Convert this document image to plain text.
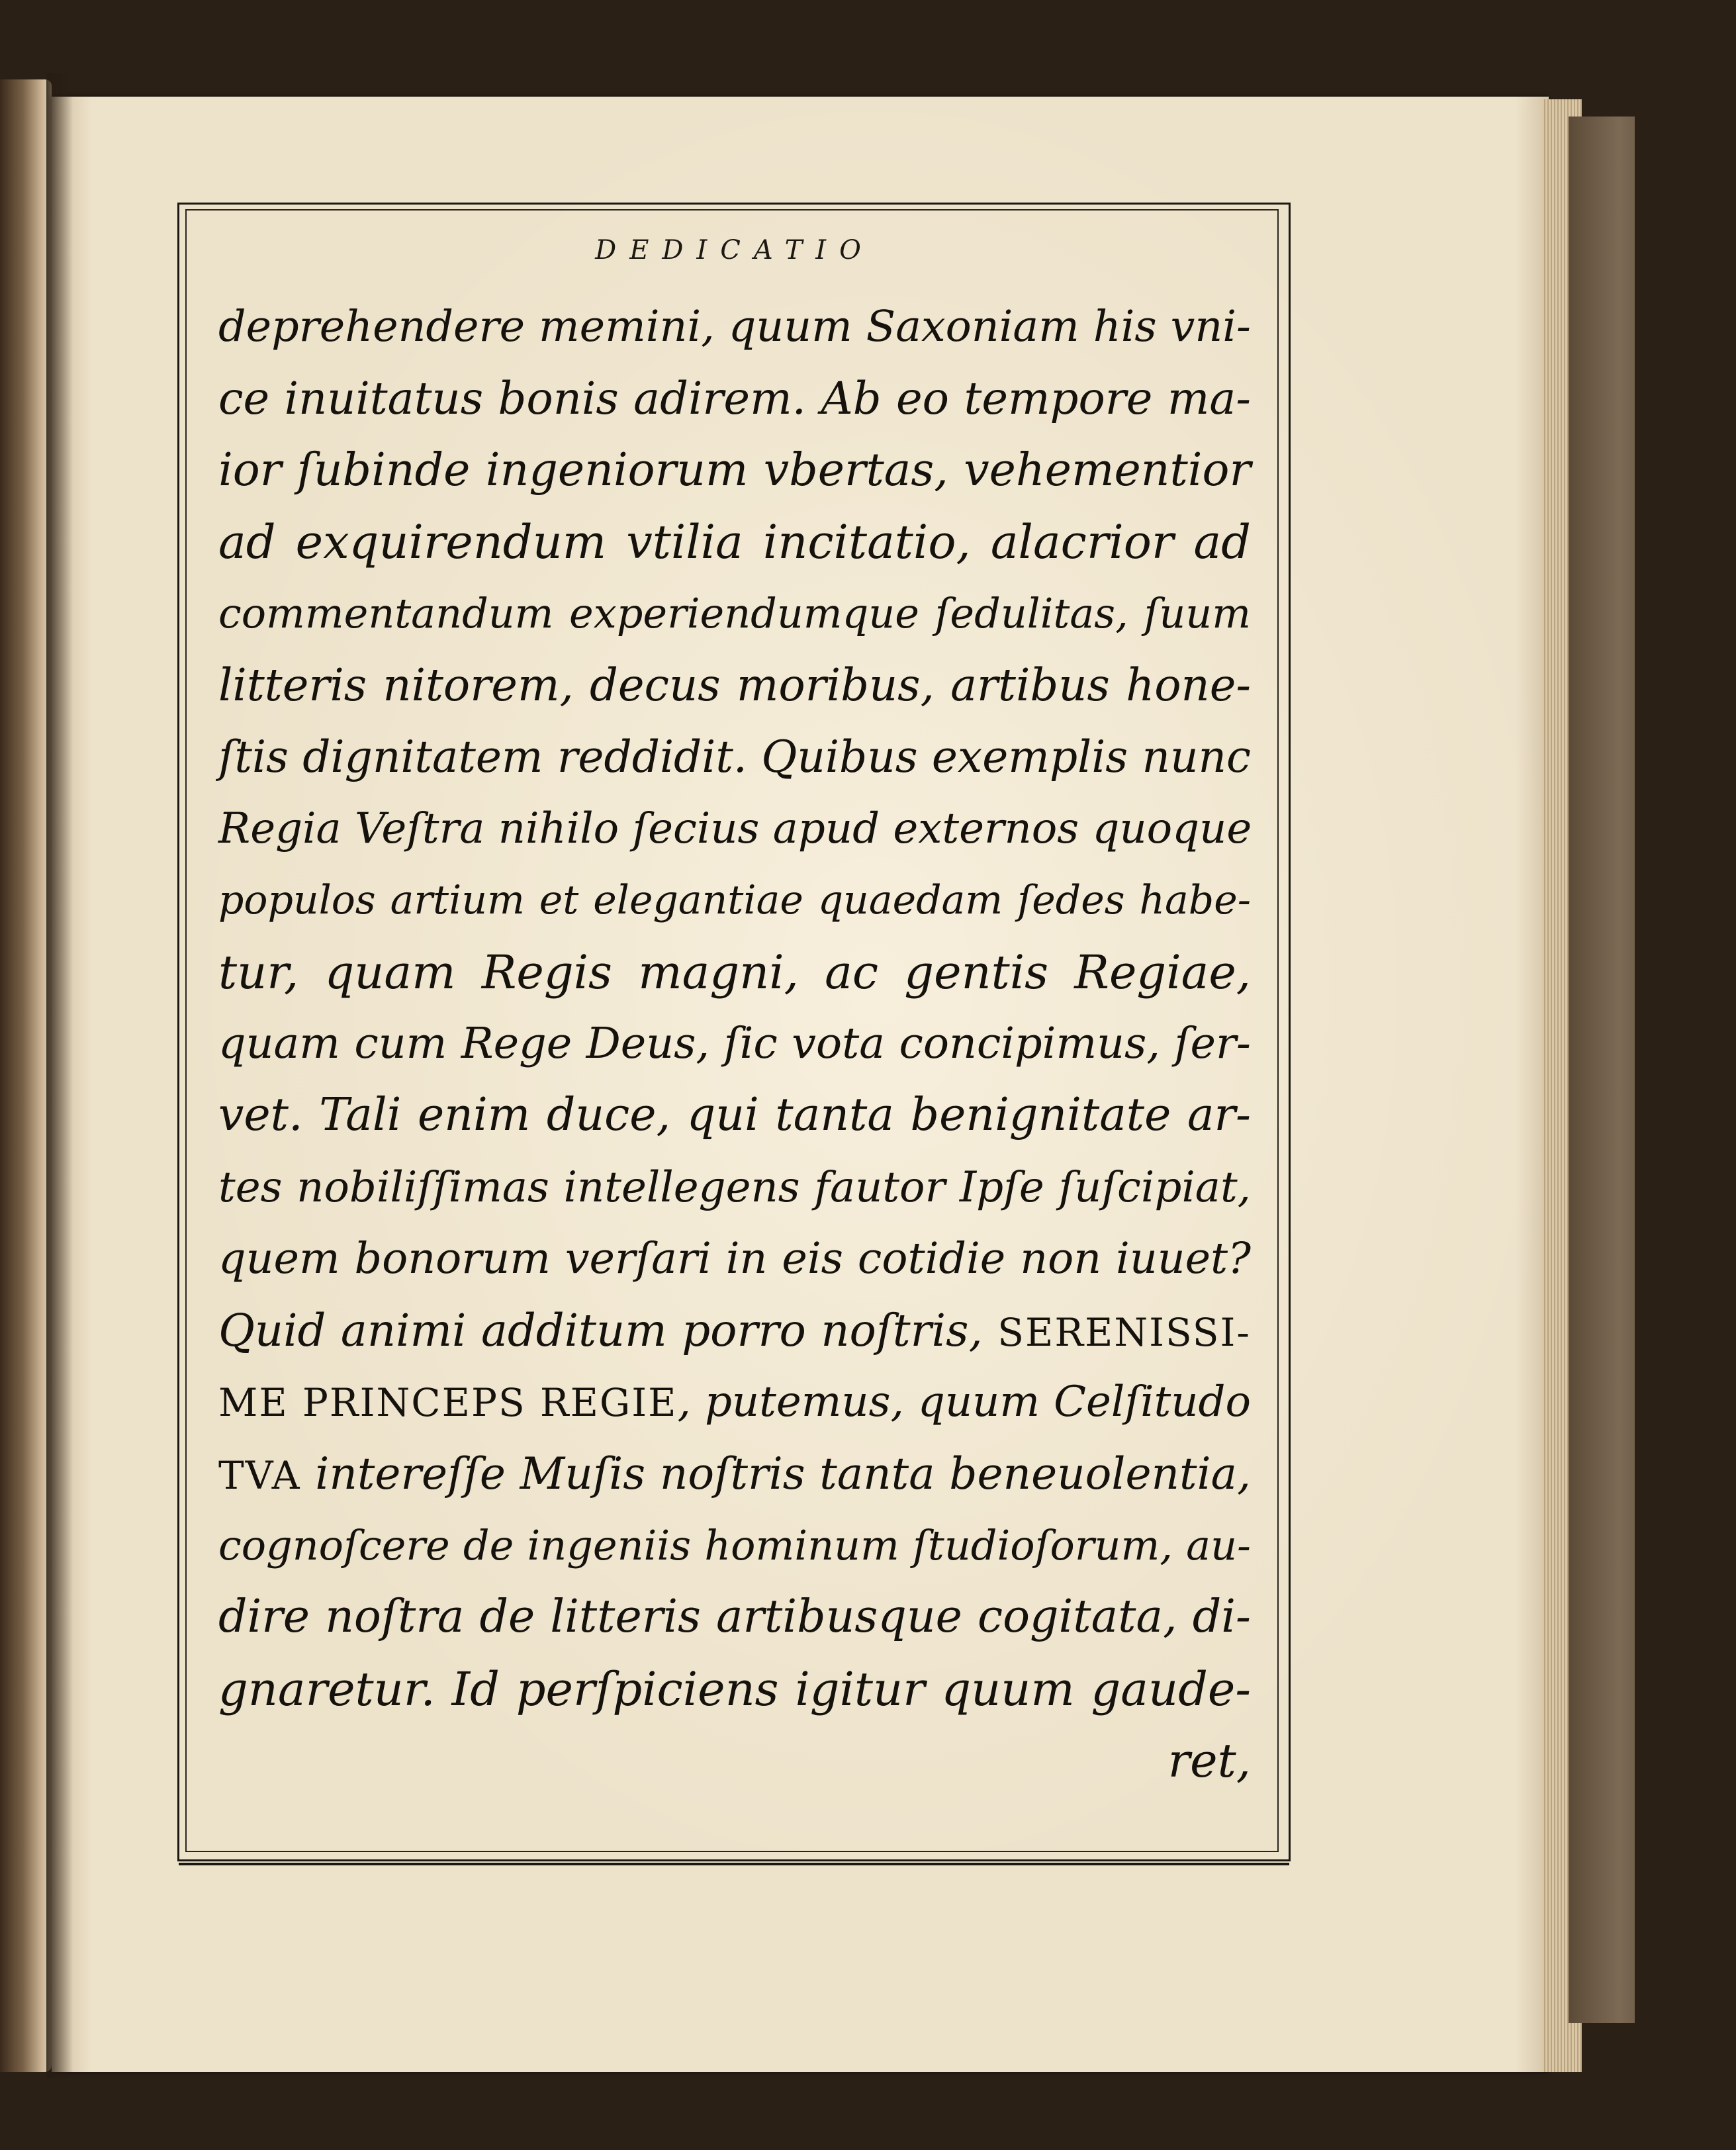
DEDICATIO
deprehendere memini, quum Saxoniam his vni-
ce inuitatus bonis adirem. Ab eo tempore ma-
ior ſubinde ingeniorum vbertas, vehementior
ad exquirendum vtilia incitatio, alacrior ad
commentandum experiendumque ſedulitas, ſuum
litteris nitorem, decus moribus, artibus hone-
ſtis dignitatem reddidit. Quibus exemplis nunc
Regia Veſtra nihilo ſecius apud externos quoque
populos artium et elegantiae quaedam ſedes habe-
tur, quam Regis magni, ac gentis Regiae,
quam cum Rege Deus, ſic vota concipimus, ſer-
vet. Tali enim duce, qui tanta benignitate ar-
tes nobiliſſimas intellegens fautor Ipſe ſuſcipiat,
quem bonorum verſari in eis cotidie non iuuet?
Quid animi additum porro noſtris, SERENISSI-
ME PRINCEPS REGIE, putemus, quum Celſitudo
TVA intereſſe Muſis noſtris tanta beneuolentia,
cognoſcere de ingeniis hominum ſtudioſorum, au-
dire noſtra de litteris artibusque cogitata, di-
gnaretur. Id perſpiciens igitur quum gaude-
ret,
